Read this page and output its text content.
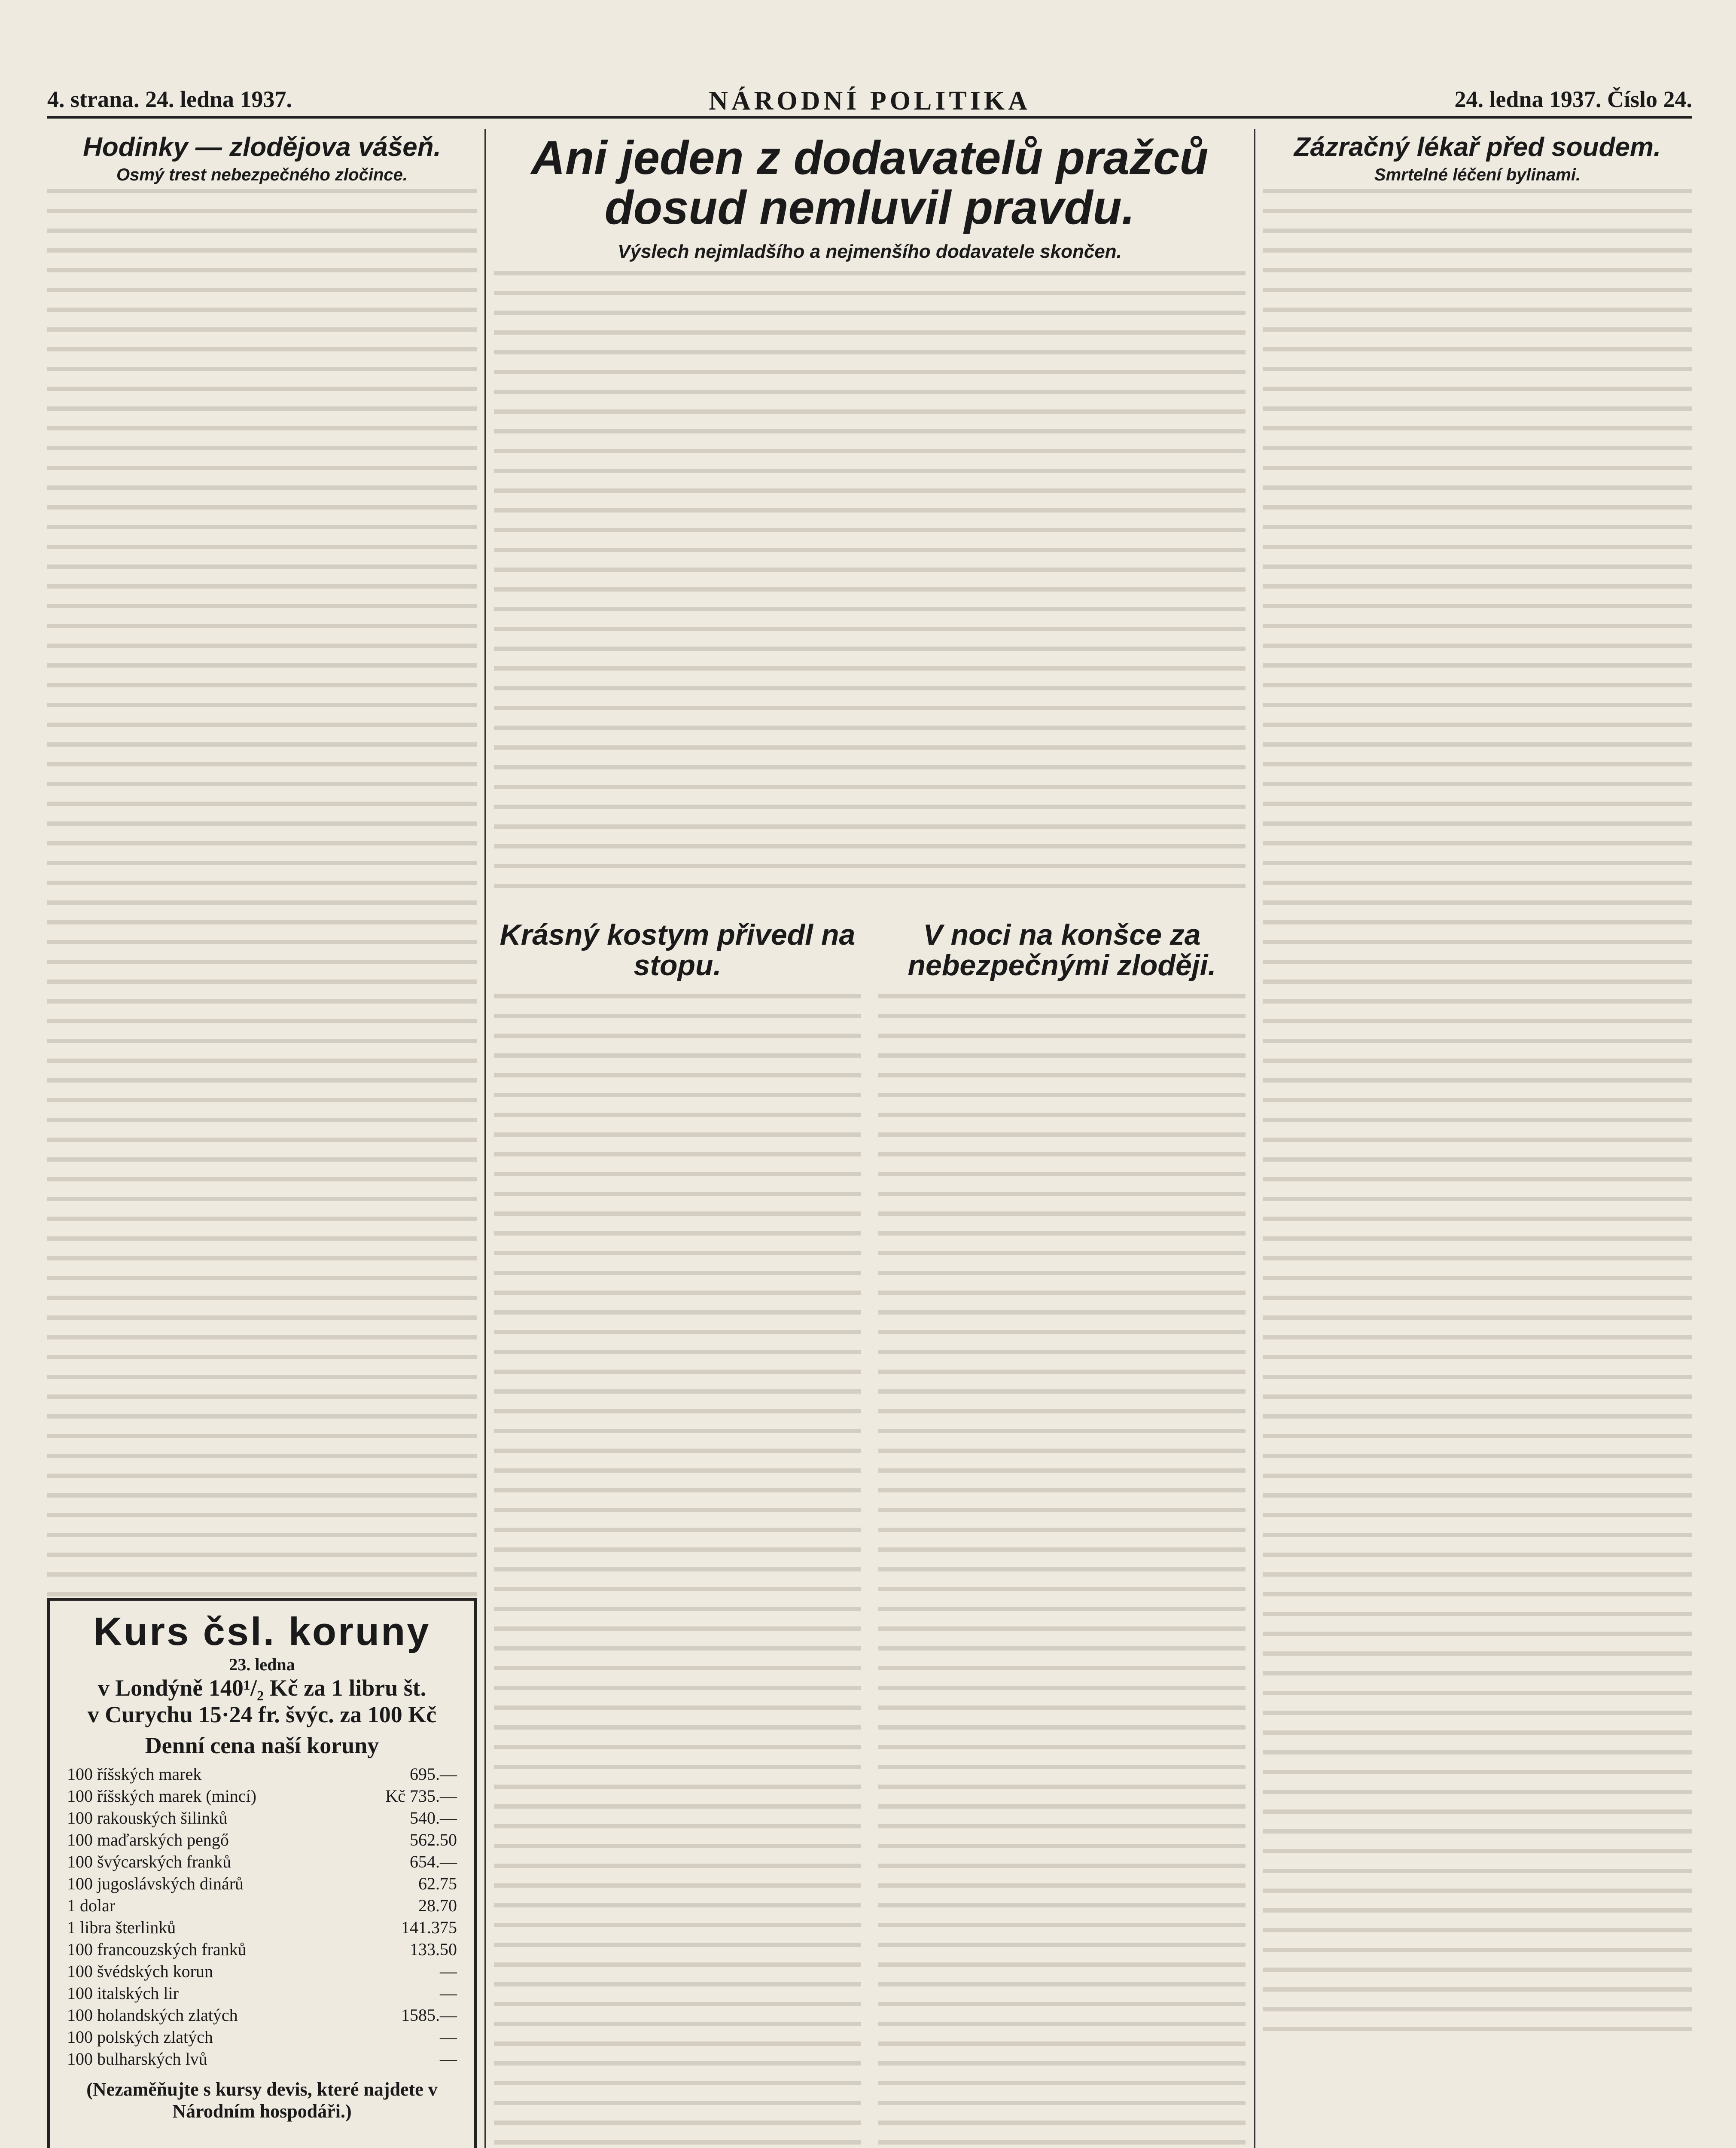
4. strana. 24. ledna 1937.	NÁRODNÍ POLITIKA	24. ledna 1937. Číslo 24.
Hodinky — zlodějova vášeň.
Osmý trest nebezpečného zločince.
Kurs čsl. koruny
23. ledna
v Londýně 140¹/₂ Kč za 1 libru št.
v Curychu 15·24 fr. švýc. za 100 Kč
Denní cena naší koruny
100 říšských marek	695.—
100 říšských marek (mincí)	Kč 735.—
100 rakouských šilinků	540.—
100 maďarských pengő	562.50
100 švýcarských franků	654.—
100 jugoslávských dinárů	62.75
1 dolar	28.70
1 libra šterlinků	141.375
100 francouzských franků	133.50
100 švédských korun	—
100 italských lir	—
100 holandských zlatých	1585.—
100 polských zlatých	—
100 bulharských lvů	—
(Nezaměňujte s kursy devis, které najdete v Národním hospodáři.)
Ani jeden z dodavatelů pražců dosud nemluvil pravdu.
Výslech nejmladšího a nejmenšího dodavatele skončen.
Krásný kostym přivedl na stopu.
V noci na konšce za nebezpečnými zloději.
Zázračný lékař před soudem.
Smrtelné léčení bylinami.
